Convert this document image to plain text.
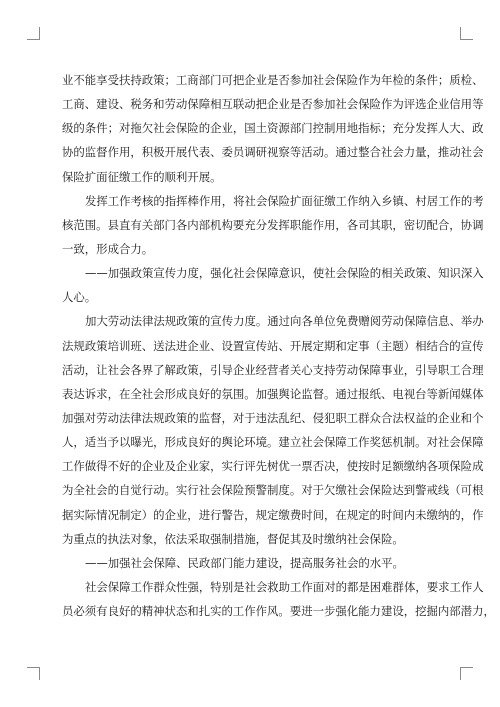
业不能享受扶持政策；工商部门可把企业是否参加社会保险作为年检的条件；质检、
工商、建设、税务和劳动保障相互联动把企业是否参加社会保险作为评选企业信用等
级的条件；对拖欠社会保险的企业，国土资源部门控制用地指标；充分发挥人大、政
协的监督作用，积极开展代表、委员调研视察等活动。通过整合社会力量，推动社会
保险扩面征缴工作的顺利开展。
发挥工作考核的指挥棒作用，将社会保险扩面征缴工作纳入乡镇、村居工作的考
核范围。县直有关部门各内部机构要充分发挥职能作用，各司其职，密切配合，协调
一致，形成合力。
——加强政策宣传力度，强化社会保障意识，使社会保险的相关政策、知识深入
人心。
加大劳动法律法规政策的宣传力度。通过向各单位免费赠阅劳动保障信息、举办
法规政策培训班、送法进企业、设置宣传站、开展定期和定事（主题）相结合的宣传
活动，让社会各界了解政策，引导企业经营者关心支持劳动保障事业，引导职工合理
表达诉求，在全社会形成良好的氛围。加强舆论监督。通过报纸、电视台等新闻媒体
加强对劳动法律法规政策的监督，对于违法乱纪、侵犯职工群众合法权益的企业和个
人，适当予以曝光，形成良好的舆论环境。建立社会保障工作奖惩机制。对社会保障
工作做得不好的企业及企业家，实行评先树优一票否决，使按时足额缴纳各项保险成
为全社会的自觉行动。实行社会保险预警制度。对于欠缴社会保险达到警戒线（可根
据实际情况制定）的企业，进行警告，规定缴费时间，在规定的时间内未缴纳的，作
为重点的执法对象，依法采取强制措施，督促其及时缴纳社会保险。
——加强社会保障、民政部门能力建设，提高服务社会的水平。
社会保障工作群众性强，特别是社会救助工作面对的都是困难群体，要求工作人
员必须有良好的精神状态和扎实的工作作风。要进一步强化能力建设，挖掘内部潜力，
